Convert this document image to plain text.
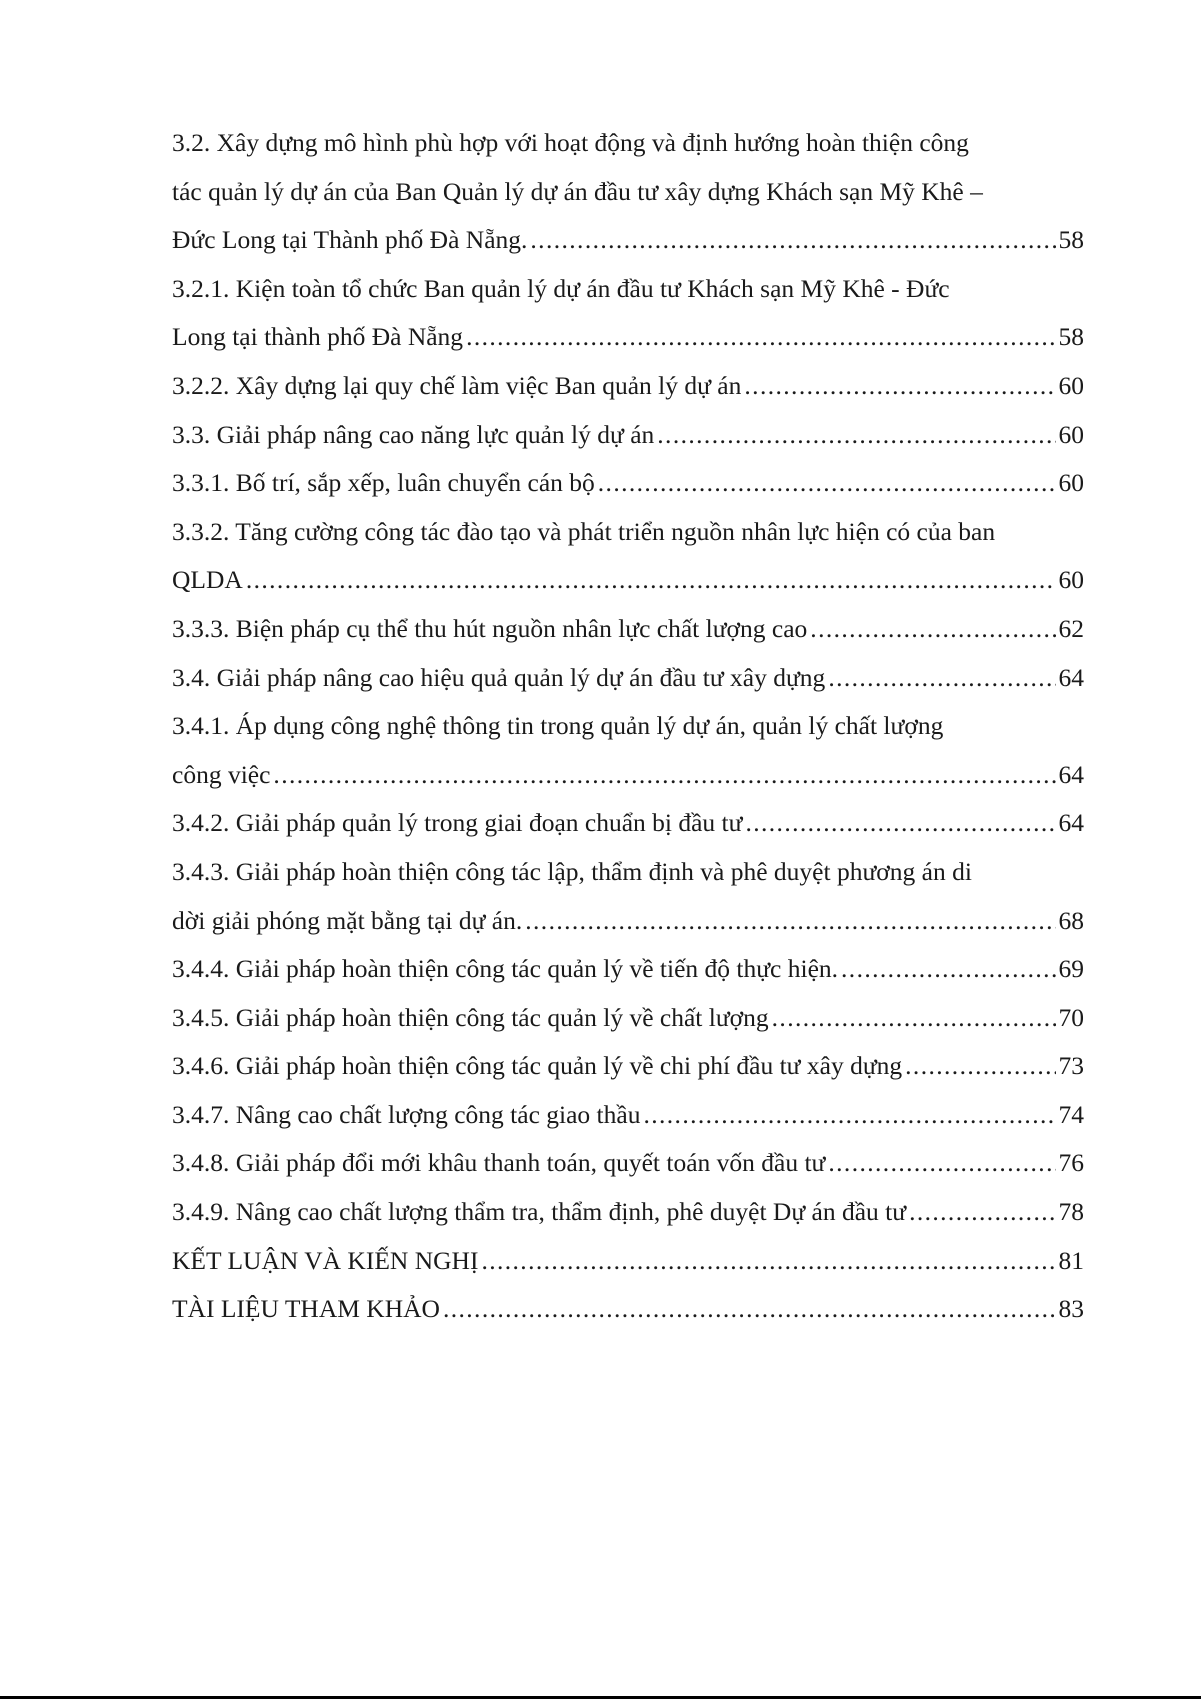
3.2. Xây dựng mô hình phù hợp với hoạt động và định hướng hoàn thiện công
tác quản lý dự án của Ban Quản lý dự án đầu tư xây dựng Khách sạn Mỹ Khê –
Đức Long tại Thành phố Đà Nẵng. .....	58
3.2.1. Kiện toàn tổ chức Ban quản lý dự án đầu tư Khách sạn Mỹ Khê - Đức
Long tại thành phố Đà Nẵng .....	58
3.2.2. Xây dựng lại quy chế làm việc Ban quản lý dự án .....	60
3.3. Giải pháp nâng cao năng lực quản lý dự án .....	60
3.3.1. Bố trí, sắp xếp, luân chuyển cán bộ .....	60
3.3.2. Tăng cường công tác đào tạo và phát triển nguồn nhân lực hiện có của ban
QLDA .....	60
3.3.3. Biện pháp cụ thể thu hút nguồn nhân lực chất lượng cao .....	62
3.4. Giải pháp nâng cao hiệu quả quản lý dự án đầu tư xây dựng .....	64
3.4.1. Áp dụng công nghệ thông tin trong quản lý dự án, quản lý chất lượng
công việc .....	64
3.4.2. Giải pháp quản lý trong giai đoạn chuẩn bị đầu tư .....	64
3.4.3. Giải pháp hoàn thiện công tác lập, thẩm định và phê duyệt phương án di
dời giải phóng mặt bằng tại dự án. .....	68
3.4.4. Giải pháp hoàn thiện công tác quản lý về tiến độ thực hiện. .....	69
3.4.5. Giải pháp hoàn thiện công tác quản lý về chất lượng .....	70
3.4.6. Giải pháp hoàn thiện công tác quản lý về chi phí đầu tư xây dựng .....	73
3.4.7. Nâng cao chất lượng công tác giao thầu .....	74
3.4.8. Giải pháp đổi mới khâu thanh toán, quyết toán vốn đầu tư .....	76
3.4.9. Nâng cao chất lượng thẩm tra, thẩm định, phê duyệt Dự án đầu tư .....	78
KẾT LUẬN VÀ KIẾN NGHỊ .....	81
TÀI LIỆU THAM KHẢO .....	83
